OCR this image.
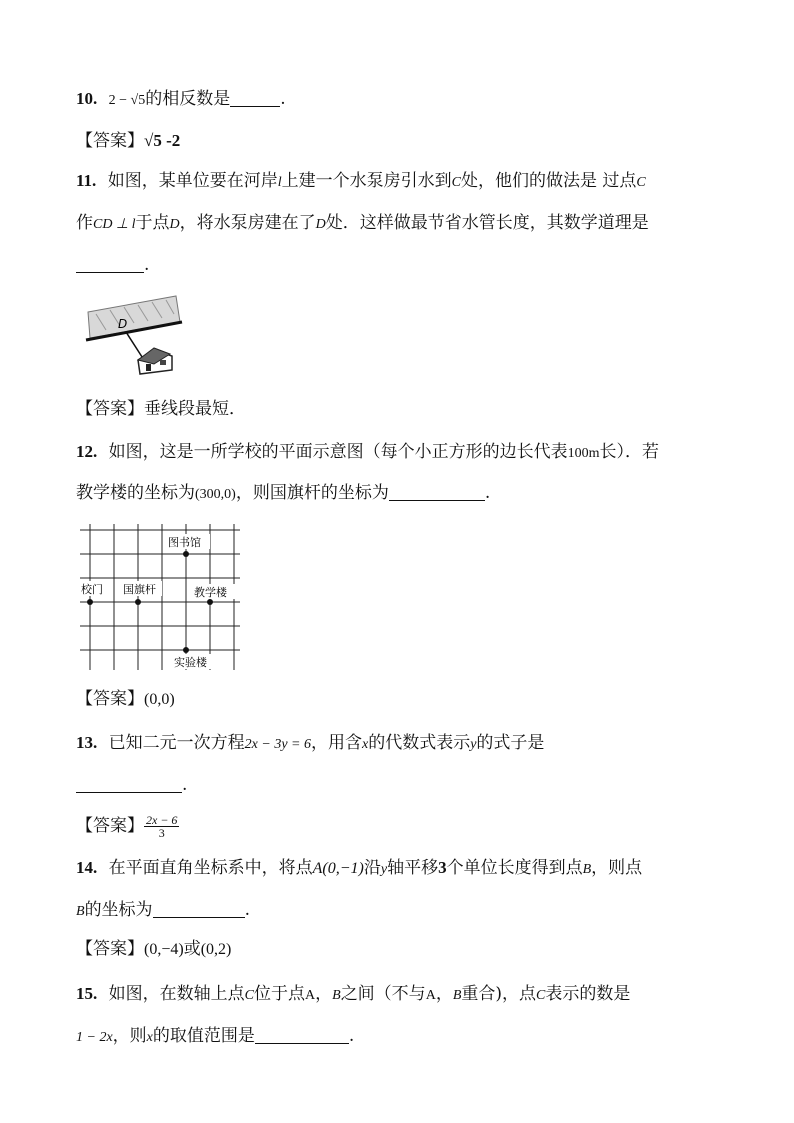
10. 2 − √5的相反数是	.
【答案】√5 -2
11. 如图，某单位要在河岸l上建一个水泵房引水到C处，他们的做法是 过点C
作CD ⊥ l于点D，将水泵房建在了D处．这样做最节省水管长度，其数学道理是
.
D
【答案】垂线段最短．
12. 如图，这是一所学校的平面示意图（每个小正方形的边长代表100m长）．若
教学楼的坐标为(300,0)，则国旗杆的坐标为	.
图书馆
校门 国旗杆	教学楼
实验楼
【答案】(0,0)
13. 已知二元一次方程2x − 3y = 6，用含x的代数式表示y的式子是
.
【答案】 $\frac{2x - 6}{3}$
14. 在平面直角坐标系中，将点A(0,−1)沿y轴平移3个单位长度得到点B，则点
B的坐标为	.
【答案】(0,−4)或(0,2)
15. 如图，在数轴上点C位于点A，B之间（不与A，B重合)，点C表示的数是
1 − 2x，则x的取值范围是	.
